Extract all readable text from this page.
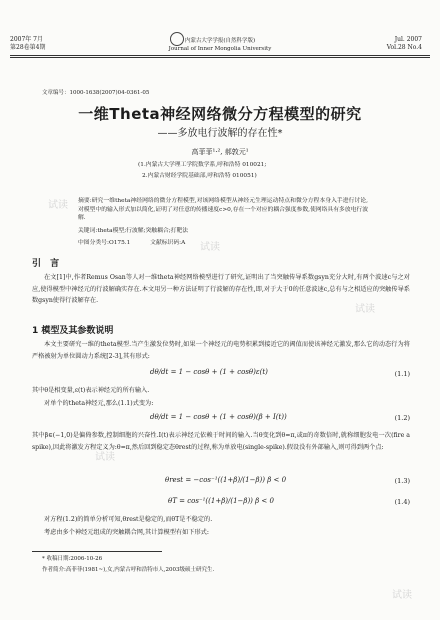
2007年 7月
第28卷第4期
内蒙古大学学报(自然科学版)
Journal of Inner Mongolia University
Jul. 2007
Vol.28 No.4
文章编号：1000-1638(2007)04-0361-05
一维Theta神经网络微分方程模型的研究
——多放电行波解的存在性*
高菲菲¹·², 郝敦元¹
(1.内蒙古大学理工学院数学系,呼和浩特 010021;
2.内蒙古财经学院基础部,呼和浩特 010051)
摘要:研究一维theta神经网络的微分方程模型,对该网络模型从神经元生理运动特点和微分方程本身入手进行讨论,对模型中的输入形式加以简化,证明了对任意的传播速度c>0,存在一个对应的耦合强度参数,使网络具有多放电行波解.
关键词:theta模型;行波解;突触耦合;打靶法
中图分类号:O175.1	文献标识码:A
引 言
在文[1]中,作者Remus Osan等人对一维theta神经网络模型进行了研究,证明出了当突触传导系数gsyn充分大时,有两个波速c与之对应,使得模型中神经元的行波解确实存在.本文用另一种方法证明了行波解的存在性,即,对于大于0的任意波速c,总有与之相适应的突触传导系数gsyn使得行波解存在.
1 模型及其参数说明
本文主要研究一维的theta模型.当产生激发位势时,如果一个神经元的电势积累到接近它的阈值而使该神经元激发,那么它的动态行为将严格被射为单位圆动力系统[2-3],其有形式:
dθ/dt = 1 − cosθ + (1 + cosθ)ε(t)	(1.1)
其中θ是相变量,ε(t)表示神经元的所有输入.
对单个的theta神经元,那么(1.1)式变为:
dθ/dt = 1 − cosθ + (1 + cosθ)(β + I(t))	(1.2)
其中β∈(−1,0)是偏倚参数,控制细胞的兴奋性.I(t)表示神经元依赖于时间的输入.当θ变化到θ=π,或π的奇数倍时,就称细胞发电一次(fire a spike),因此将激发方程定义为:θ=π,然后回到稳定态θrest的过程,称为单放电(single-spike).假设没有外部输入,则可得到两个点:
θrest = −cos⁻¹((1+β)/(1−β)) β < 0	(1.3)
θT = cos⁻¹((1+β)/(1−β)) β < 0	(1.4)
对方程(1.2)的简单分析可知,θrest是稳定的,而θT是不稳定的.
考虑由多个神经元组成的突触耦合网,其计算模型有如下形式:
* 收稿日期:2006-10-26
作者简介:高菲菲(1981~),女,内蒙古呼和浩特市人,2003级硕士研究生.
试读
试读
试读
试读
试读
